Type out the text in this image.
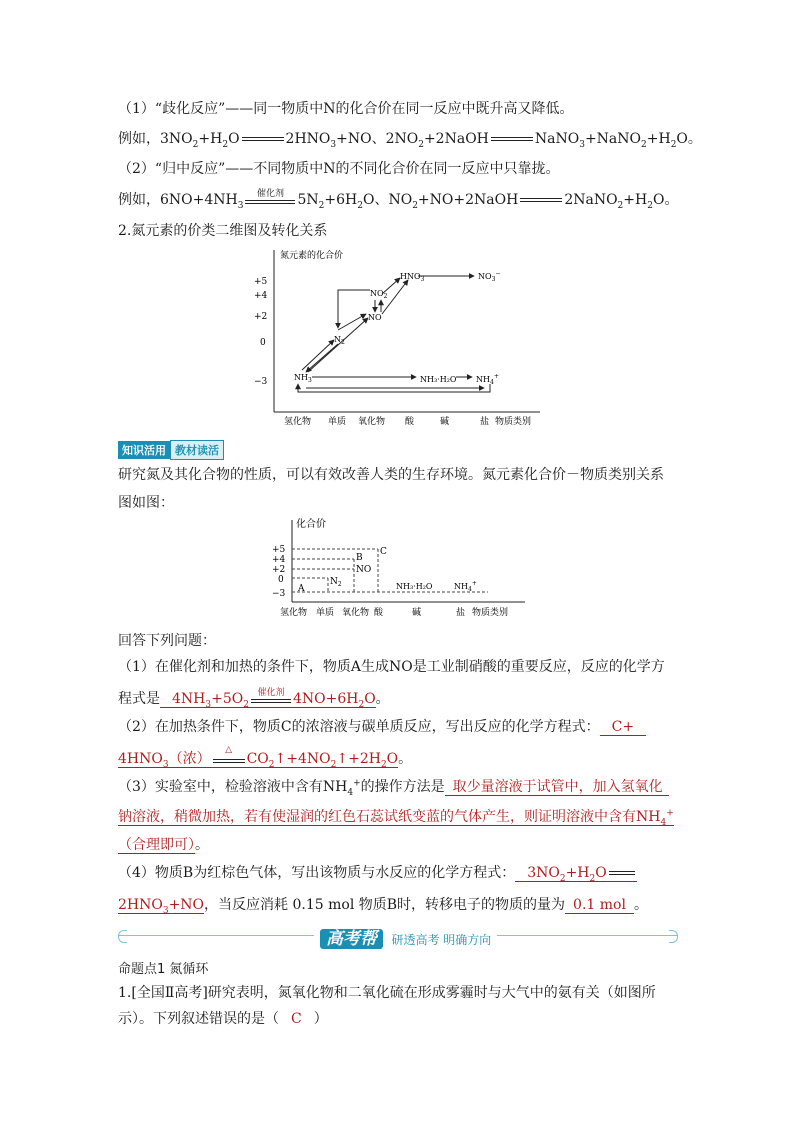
（1）“歧化反应”——同一物质中N的化合价在同一反应中既升高又降低。
例如，$3NO_2+H_2O$	$2HNO_3+NO$、$2NO_2+2NaOH$	$NaNO_3+NaNO_2+H_2O$。
（2）“归中反应”——不同物质中N的不同化合价在同一反应中只靠拢。
例如，$6NO+4NH_3$
催化剂 $5N_2+6H_2O$、$NO_2+NO+2NaOH$	$2NaNO_2+H_2O$。
2.氮元素的价类二维图及转化关系
氮元素的化合价
+5
+4
+2
0
−3
氢化物 单质 氧化物 酸	碱	盐 物质类别
$HNO_3$	$NO_3^-$
$NO_2$
NO
$N_2$
$NH_3$	NH₃·H₂O $NH_4^+$
知识活用 教材读活
研究氮及其化合物的性质，可以有效改善人类的生存环境。氮元素化合价－物质类别关系
图如图：
化合价
+5
+4
+2
0
−3
C
B
NO
$N_2$
A	NH₃·H₂O	$NH_4^+$
氢化物 单质 氧化物 酸	碱	盐 物质类别
回答下列问题：
（1）在催化剂和加热的条件下，物质A生成NO是工业制硝酸的重要反应，反应的化学方
程式是 $4NH_3+5O_2$
催化剂 $4NO+6H_2O$。
（2）在加热条件下，物质C的浓溶液与碳单质反应，写出反应的化学方程式： C+
$4HNO_3$（浓）
△
$CO_2↑+4NO_2↑+2H_2O$。
（3）实验室中，检验溶液中含有$NH_4^+$的操作方法是 取少量溶液于试管中，加入氢氧化
钠溶液，稍微加热，若有使湿润的红色石蕊试纸变蓝的气体产生，则证明溶液中含有$NH_4^+$
（合理即可）。
（4）物质B为红棕色气体，写出该物质与水反应的化学方程式： $3NO_2+H_2O$
$2HNO_3+NO$，当反应消耗 0.15 mol 物质B时，转移电子的物质的量为 0.1 mol 。
高考帮 研透高考 明确方向
命题点1 氮循环
1.[全国Ⅱ高考]研究表明，氮氧化物和二氧化硫在形成雾霾时与大气中的氨有关（如图所
示）。下列叙述错误的是（ C ）
